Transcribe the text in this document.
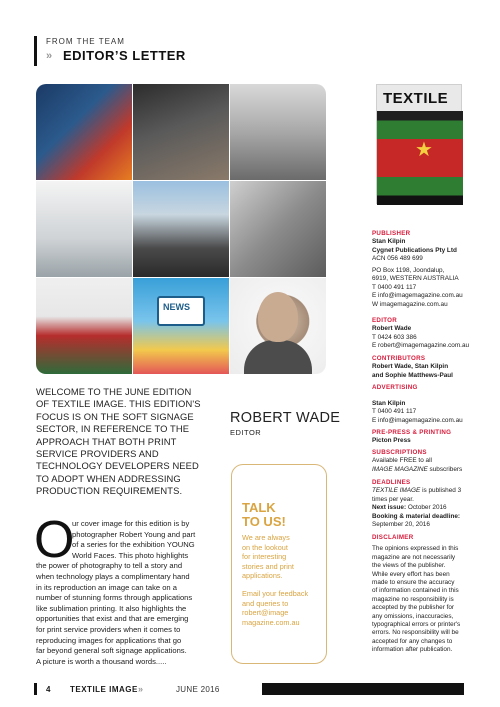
FROM THE TEAM
» EDITOR’S LETTER
NEWS
TEXTILE
★
PUBLISHER
Stan Kilpin
Cygnet Publications Pty Ltd
ACN 056 489 699
PO Box 1198, Joondalup,
6919, WESTERN AUSTRALIA
T 0400 491 117
E info@imagemagazine.com.au
W imagemagazine.com.au
EDITOR
Robert Wade
T 0424 603 386
E robert@imagemagazine.com.au
CONTRIBUTORS
Robert Wade, Stan Kilpin
and Sophie Matthews-Paul
ADVERTISING
Stan Kilpin
T 0400 491 117
E info@imagemagazine.com.au
PRE-PRESS & PRINTING
Picton Press
SUBSCRIPTIONS
Available FREE to all
IMAGE MAGAZINE subscribers
DEADLINES
TEXTILE IMAGE is published 3
times per year.
Next issue: October 2016
Booking & material deadline:
September 20, 2016
DISCLAIMER
The opinions expressed in this
magazine are not necessarily
the views of the publisher.
While every effort has been
made to ensure the accuracy
of information contained in this
magazine no responsibility is
accepted by the publisher for
any omissions, inaccuracies,
typographical errors or printer's
errors. No responsibility will be
accepted for any changes to
information after publication.
WELCOME TO THE JUNE EDITION
OF TEXTILE IMAGE. THIS EDITION'S
FOCUS IS ON THE SOFT SIGNAGE
SECTOR, IN REFERENCE TO THE
APPROACH THAT BOTH PRINT
SERVICE PROVIDERS AND
TECHNOLOGY DEVELOPERS NEED
TO ADOPT WHEN ADDRESSING
PRODUCTION REQUIREMENTS.
ROBERT WADE
EDITOR
O
ur cover image for this edition is by
photographer Robert Young and part
of a series for the exhibition YOUNG
World Faces. This photo highlights
the power of photography to tell a story and
when technology plays a complimentary hand
in its reproduction an image can take on a
number of stunning forms through applications
like sublimation printing. It also highlights the
opportunities that exist and that are emerging
for print service providers when it comes to
reproducing images for applications that go
far beyond general soft signage applications.
A picture is worth a thousand words.....
TALK
TO US!
We are always
on the lookout
for interesting
stories and print
applications.
Email your feedback
and queries to
robert@image
magazine.com.au
4 TEXTILE IMAGE »	JUNE 2016
